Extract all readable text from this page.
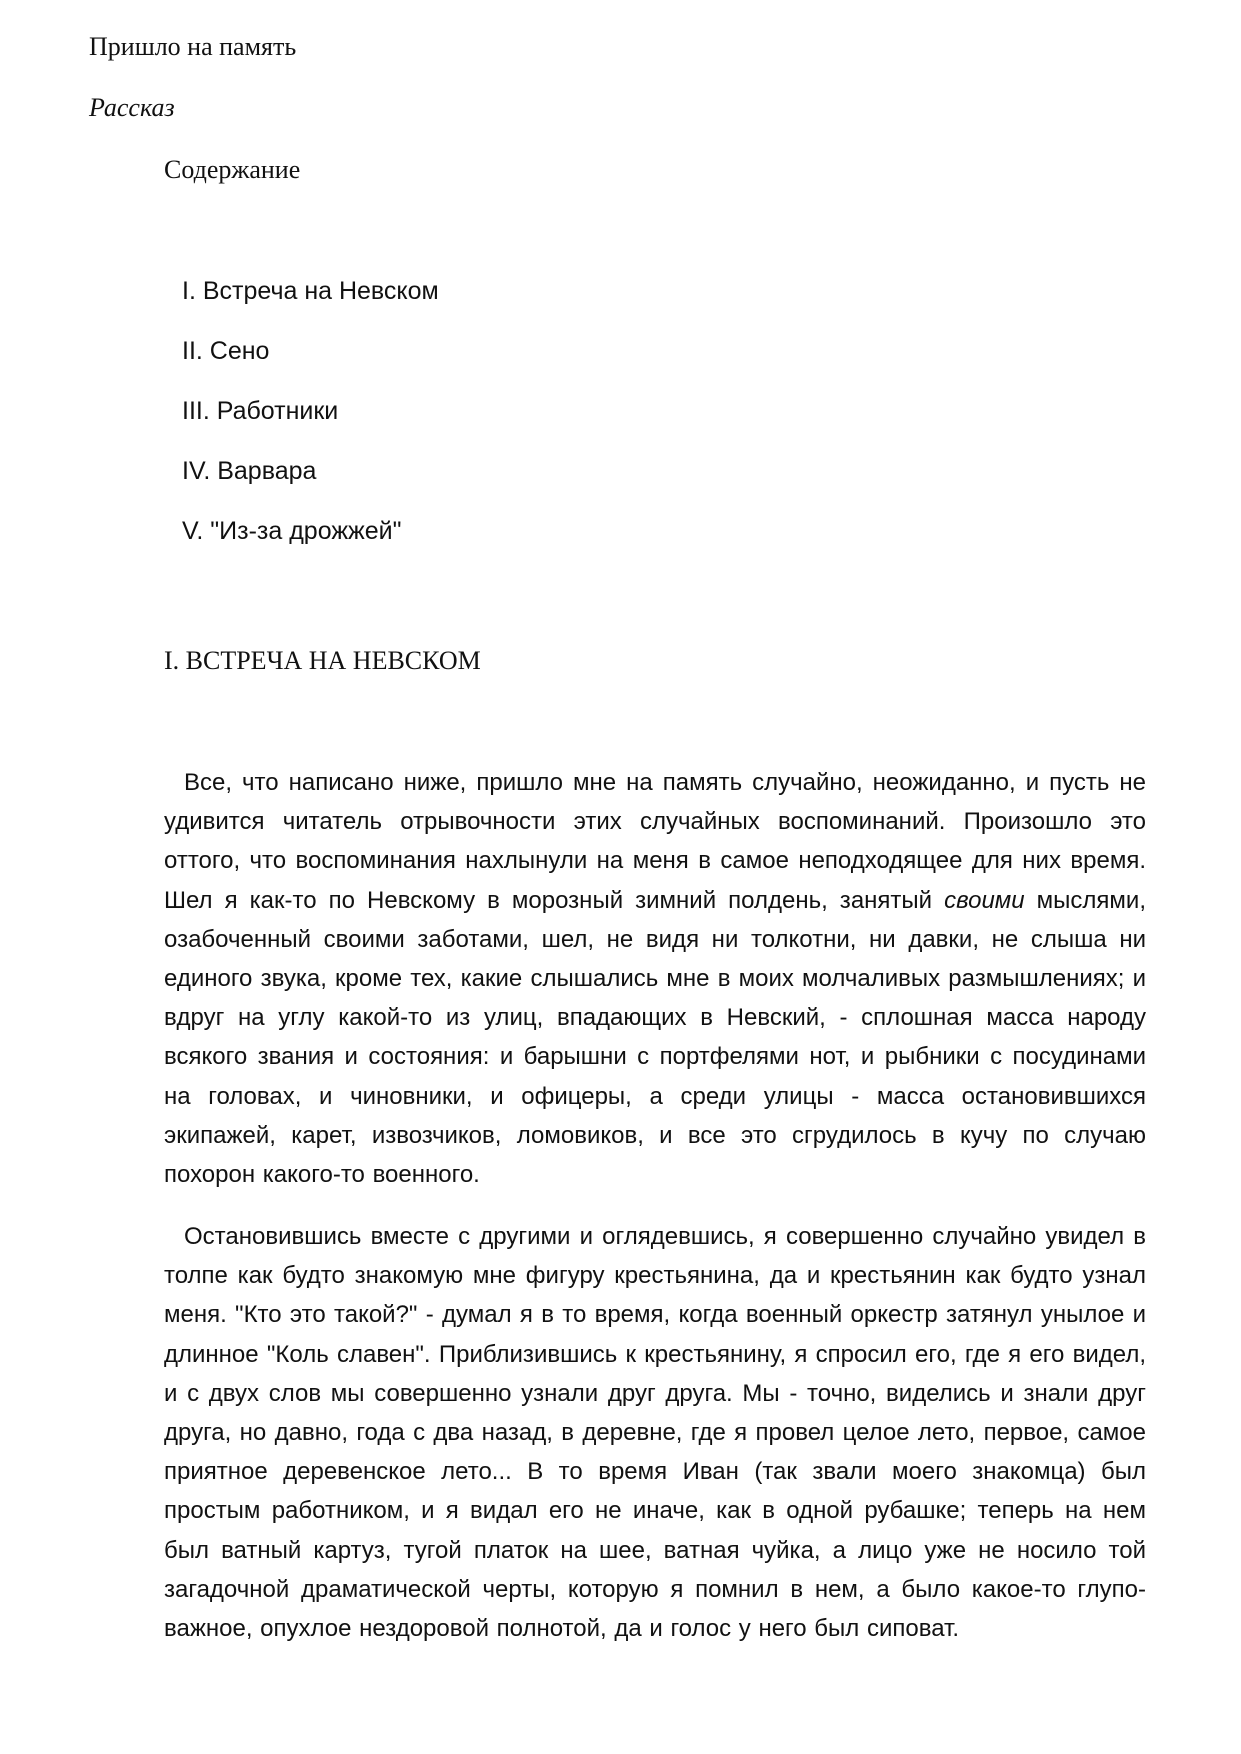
Пришло на память
Рассказ
Содержание
I. Встреча на Невском
II. Сено
III. Работники
IV. Варвара
V. "Из-за дрожжей"
I. ВСТРЕЧА НА НЕВСКОМ

Все, что написано ниже, пришло мне на память случайно, неожиданно, и пусть не удивится читатель отрывочности этих случайных воспоминаний. Произошло это оттого, что воспоминания нахлынули на меня в самое неподходящее для них время. Шел я как-то по Невскому в морозный зимний полдень, занятый своими мыслями, озабоченный своими заботами, шел, не видя ни толкотни, ни давки, не слыша ни единого звука, кроме тех, какие слышались мне в моих молчаливых размышлениях; и вдруг на углу какой-то из улиц, впадающих в Невский, - сплошная масса народу всякого звания и состояния: и барышни с портфелями нот, и рыбники с посудинами на головах, и чиновники, и офицеры, а среди улицы - масса остановившихся экипажей, карет, извозчиков, ломовиков, и все это сгрудилось в кучу по случаю похорон какого-то военного.

Остановившись вместе с другими и оглядевшись, я совершенно случайно увидел в толпе как будто знакомую мне фигуру крестьянина, да и крестьянин как будто узнал меня. "Кто это такой?" - думал я в то время, когда военный оркестр затянул унылое и длинное "Коль славен". Приблизившись к крестьянину, я спросил его, где я его видел, и с двух слов мы совершенно узнали друг друга. Мы - точно, виделись и знали друг друга, но давно, года с два назад, в деревне, где я провел целое лето, первое, самое приятное деревенское лето... В то время Иван (так звали моего знакомца) был простым работником, и я видал его не иначе, как в одной рубашке; теперь на нем был ватный картуз, тугой платок на шее, ватная чуйка, а лицо уже не носило той загадочной драматической черты, которую я помнил в нем, а было какое-то глупо-важное, опухлое нездоровой полнотой, да и голос у него был сиповат.
